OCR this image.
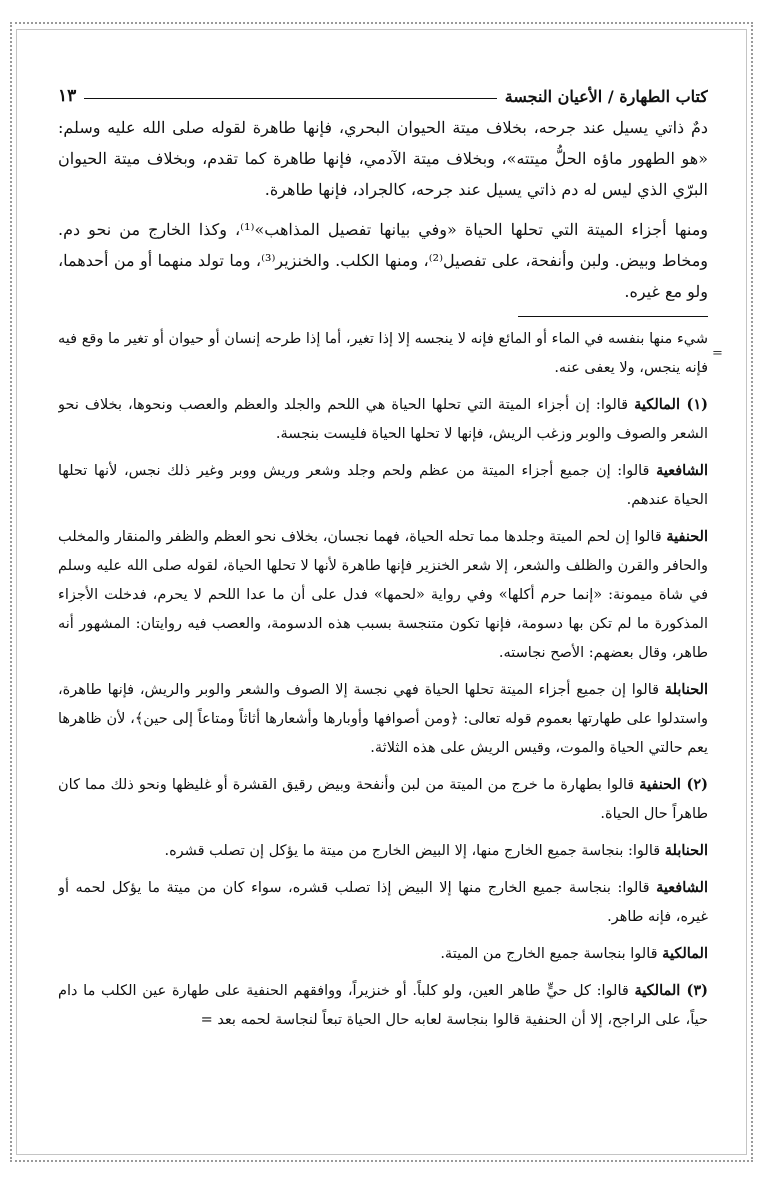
=
كتاب الطهارة / الأعيان النجسة
١٣

دمٌ ذاتي يسيل عند جرحه، بخلاف ميتة الحيوان البحري، فإنها طاهرة لقوله صلى الله عليه وسلم: «هو الطهور ماؤه الحلُّ ميتته»، وبخلاف ميتة الآدمي، فإنها طاهرة كما تقدم، وبخلاف ميتة الحيوان البرّي الذي ليس له دم ذاتي يسيل عند جرحه، كالجراد، فإنها طاهرة.

ومنها أجزاء الميتة التي تحلها الحياة «وفي بيانها تفصيل المذاهب»⁽¹⁾، وكذا الخارج من نحو دم. ومخاط وبيض. ولبن وأنفحة، على تفصيل⁽²⁾، ومنها الكلب. والخنزير⁽³⁾، وما تولد منهما أو من أحدهما، ولو مع غيره.

شيء منها بنفسه في الماء أو المائع فإنه لا ينجسه إلا إذا تغير، أما إذا طرحه إنسان أو حيوان أو تغير ما وقع فيه فإنه ينجس، ولا يعفى عنه.

(١) المالكية قالوا: إن أجزاء الميتة التي تحلها الحياة هي اللحم والجلد والعظم والعصب ونحوها، بخلاف نحو الشعر والصوف والوبر وزغب الريش، فإنها لا تحلها الحياة فليست بنجسة.

الشافعية قالوا: إن جميع أجزاء الميتة من عظم ولحم وجلد وشعر وريش ووبر وغير ذلك نجس، لأنها تحلها الحياة عندهم.

الحنفية قالوا إن لحم الميتة وجلدها مما تحله الحياة، فهما نجسان، بخلاف نحو العظم والظفر والمنقار والمخلب والحافر والقرن والظلف والشعر، إلا شعر الخنزير فإنها طاهرة لأنها لا تحلها الحياة، لقوله صلى الله عليه وسلم في شاة ميمونة: «إنما حرم أكلها» وفي رواية «لحمها» فدل على أن ما عدا اللحم لا يحرم، فدخلت الأجزاء المذكورة ما لم تكن بها دسومة، فإنها تكون متنجسة بسبب هذه الدسومة، والعصب فيه روايتان: المشهور أنه طاهر، وقال بعضهم: الأصح نجاسته.

الحنابلة قالوا إن جميع أجزاء الميتة تحلها الحياة فهي نجسة إلا الصوف والشعر والوبر والريش، فإنها طاهرة، واستدلوا على طهارتها بعموم قوله تعالى: ﴿ومن أصوافها وأوبارها وأشعارها أثاثاً ومتاعاً إلى حين﴾، لأن ظاهرها يعم حالتي الحياة والموت، وقيس الريش على هذه الثلاثة.

(٢) الحنفية قالوا بطهارة ما خرج من الميتة من لبن وأنفحة وبيض رقيق القشرة أو غليظها ونحو ذلك مما كان طاهراً حال الحياة.

الحنابلة قالوا: بنجاسة جميع الخارج منها، إلا البيض الخارج من ميتة ما يؤكل إن تصلب قشره.

الشافعية قالوا: بنجاسة جميع الخارج منها إلا البيض إذا تصلب قشره، سواء كان من ميتة ما يؤكل لحمه أو غيره، فإنه طاهر.

المالكية قالوا بنجاسة جميع الخارج من الميتة.

(٣) المالكية قالوا: كل حيٍّ طاهر العين، ولو كلباً. أو خنزيراً، ووافقهم الحنفية على طهارة عين الكلب ما دام حياً، على الراجح، إلا أن الحنفية قالوا بنجاسة لعابه حال الحياة تبعاً لنجاسة لحمه بعد =
